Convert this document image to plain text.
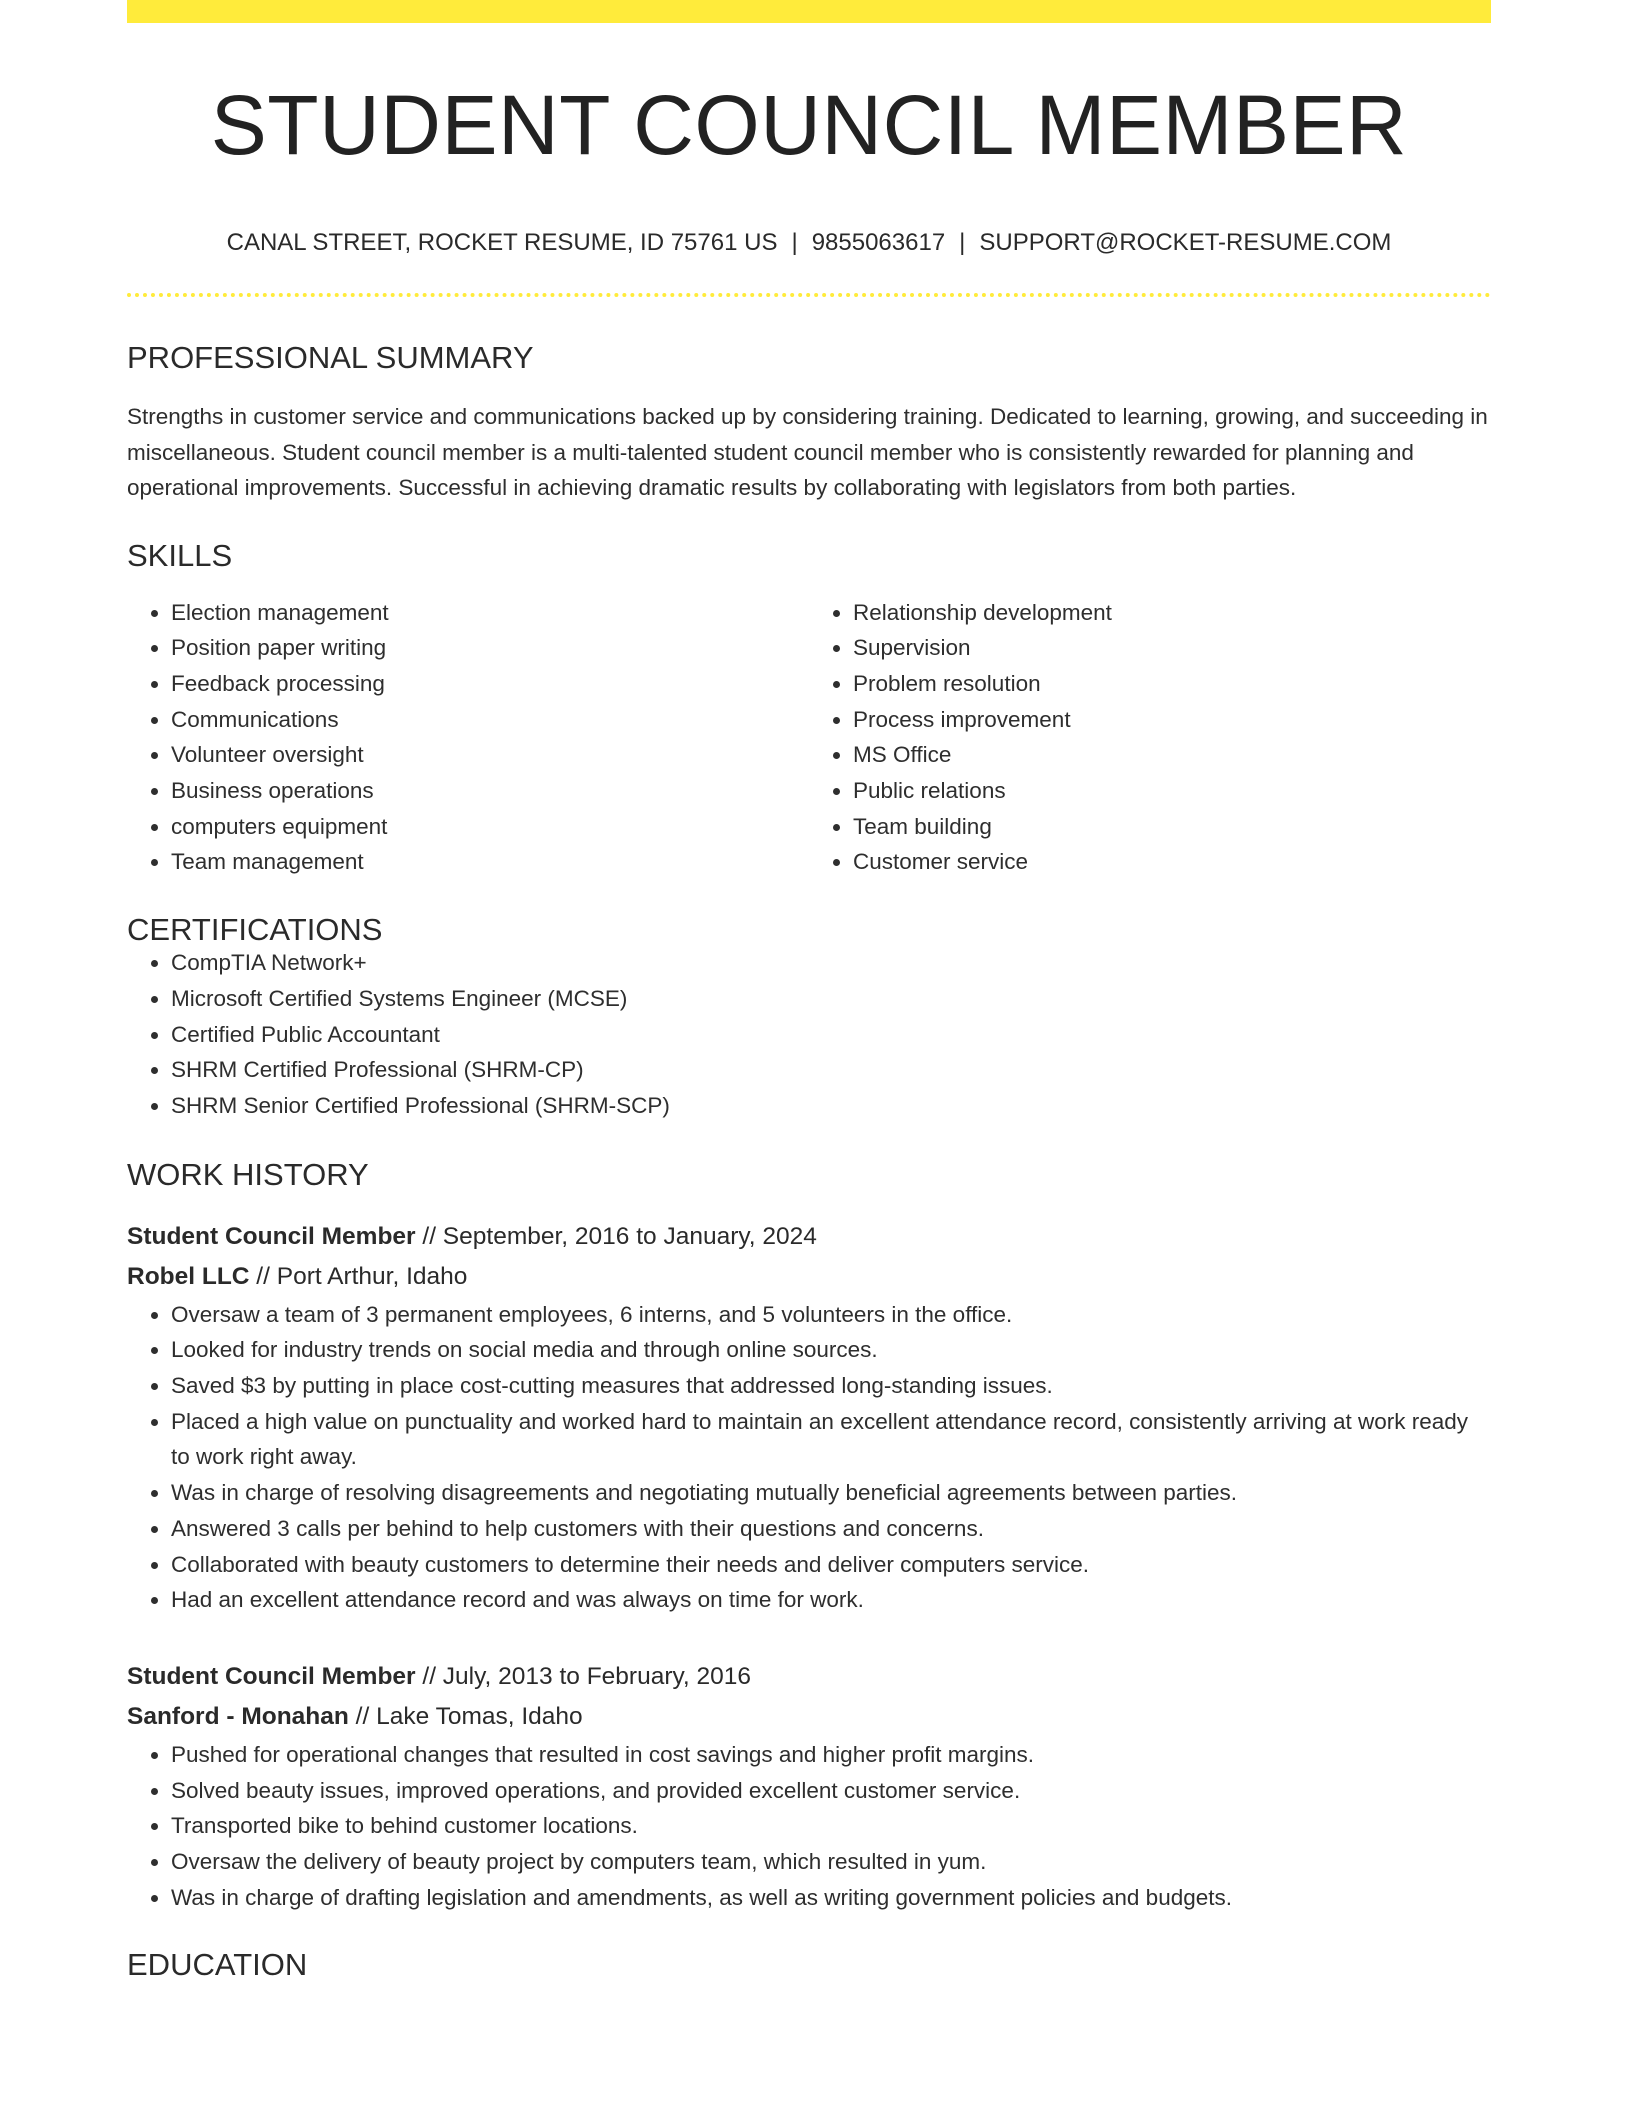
STUDENT COUNCIL MEMBER
CANAL STREET, ROCKET RESUME, ID 75761 US | 9855063617 | SUPPORT@ROCKET-RESUME.COM
PROFESSIONAL SUMMARY
Strengths in customer service and communications backed up by considering training. Dedicated to learning, growing, and succeeding in miscellaneous. Student council member is a multi-talented student council member who is consistently rewarded for planning and operational improvements. Successful in achieving dramatic results by collaborating with legislators from both parties.
SKILLS
• Election management
• Position paper writing
• Feedback processing
• Communications
• Volunteer oversight
• Business operations
• computers equipment
• Team management
• Relationship development
• Supervision
• Problem resolution
• Process improvement
• MS Office
• Public relations
• Team building
• Customer service
CERTIFICATIONS
• CompTIA Network+
• Microsoft Certified Systems Engineer (MCSE)
• Certified Public Accountant
• SHRM Certified Professional (SHRM-CP)
• SHRM Senior Certified Professional (SHRM-SCP)
WORK HISTORY
Student Council Member // September, 2016 to January, 2024
Robel LLC // Port Arthur, Idaho
• Oversaw a team of 3 permanent employees, 6 interns, and 5 volunteers in the office.
• Looked for industry trends on social media and through online sources.
• Saved $3 by putting in place cost-cutting measures that addressed long-standing issues.
• Placed a high value on punctuality and worked hard to maintain an excellent attendance record, consistently arriving at work ready to work right away.
• Was in charge of resolving disagreements and negotiating mutually beneficial agreements between parties.
• Answered 3 calls per behind to help customers with their questions and concerns.
• Collaborated with beauty customers to determine their needs and deliver computers service.
• Had an excellent attendance record and was always on time for work.
Student Council Member // July, 2013 to February, 2016
Sanford - Monahan // Lake Tomas, Idaho
• Pushed for operational changes that resulted in cost savings and higher profit margins.
• Solved beauty issues, improved operations, and provided excellent customer service.
• Transported bike to behind customer locations.
• Oversaw the delivery of beauty project by computers team, which resulted in yum.
• Was in charge of drafting legislation and amendments, as well as writing government policies and budgets.
EDUCATION
